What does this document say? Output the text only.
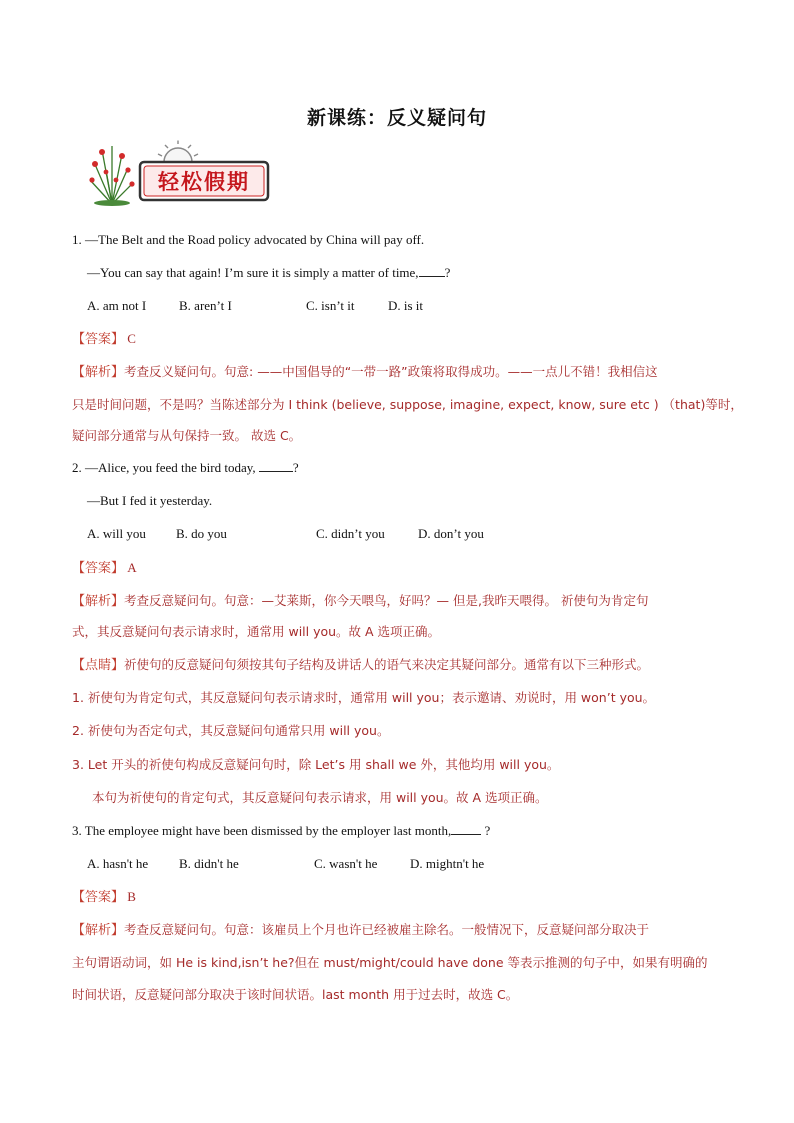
新课练：反义疑问句
轻松假期
1. —The Belt and the Road policy advocated by China will pay off.
—You can say that again! I’m sure it is simply a matter of time, ?
A. am not I	B. aren’t I	C. isn’t it	D. is it
【答案】 C
【解析】考查反义疑问句。句意: ——中国倡导的“一带一路”政策将取得成功。——一点儿不错！我相信这
只是时间问题，不是吗？当陈述部分为 I think (believe, suppose, imagine, expect, know, sure etc ) （that)等时，
疑问部分通常与从句保持一致。 故选 C。
2. —Alice, you feed the bird today,	?
—But I fed it yesterday.
A. will you B. do you	C. didn’t you	D. don’t you
【答案】 A
【解析】考查反意疑问句。句意：—艾莱斯，你今天喂鸟，好吗？— 但是,我昨天喂得。 祈使句为肯定句
式，其反意疑问句表示请求时，通常用 will you。故 A 选项正确。
【点睛】祈使句的反意疑问句须按其句子结构及讲话人的语气来决定其疑问部分。通常有以下三种形式。
1. 祈使句为肯定句式，其反意疑问句表示请求时，通常用 will you；表示邀请、劝说时，用 won’t you。
2. 祈使句为否定句式，其反意疑问句通常只用 will you。
3. Let 开头的祈使句构成反意疑问句时，除 Let’s 用 shall we 外，其他均用 will you。
本句为祈使句的肯定句式，其反意疑问句表示请求，用 will you。故 A 选项正确。
3. The employee might have been dismissed by the employer last month,	?
A. hasn't he B. didn't he	C. wasn't he	D. mightn't he
【答案】 B
【解析】考查反意疑问句。句意：该雇员上个月也许已经被雇主除名。一般情况下，反意疑问部分取决于
主句谓语动词，如 He is kind,isn’t he?但在 must/might/could have done 等表示推测的句子中，如果有明确的
时间状语，反意疑问部分取决于该时间状语。last month 用于过去时，故选 C。
